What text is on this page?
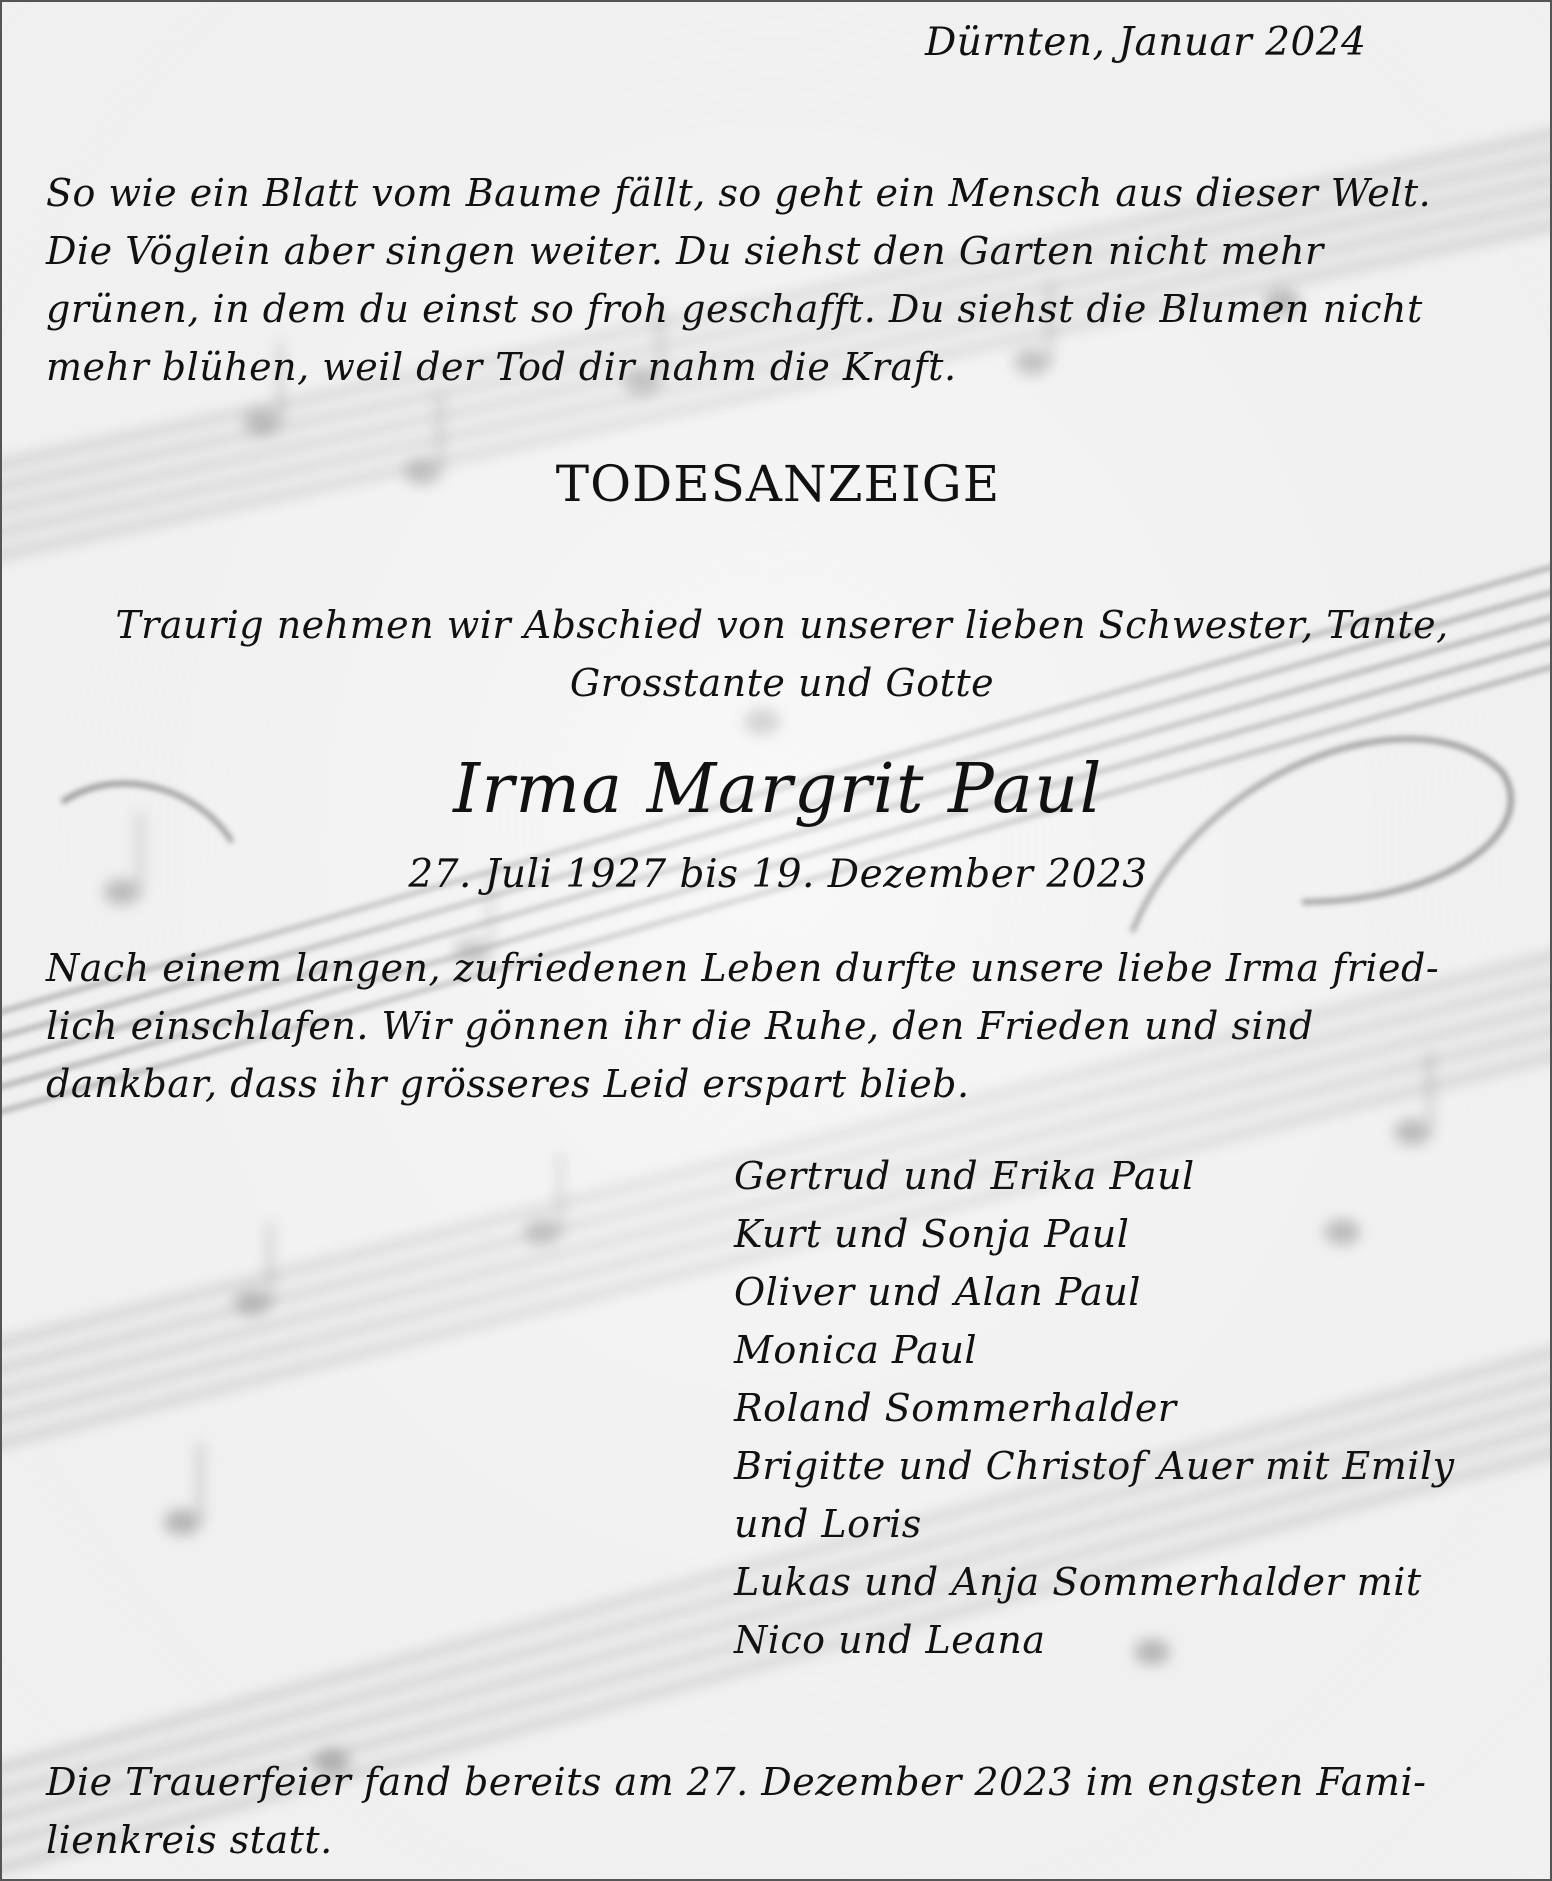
Dürnten, Januar 2024
So wie ein Blatt vom Baume fällt, so geht ein Mensch aus dieser Welt.
Die Vöglein aber singen weiter. Du siehst den Garten nicht mehr
grünen, in dem du einst so froh geschafft. Du siehst die Blumen nicht
mehr blühen, weil der Tod dir nahm die Kraft.
TODESANZEIGE
Traurig nehmen wir Abschied von unserer lieben Schwester, Tante,
Grosstante und Gotte
Irma Margrit Paul
27. Juli 1927 bis 19. Dezember 2023
Nach einem langen, zufriedenen Leben durfte unsere liebe Irma fried-
lich einschlafen. Wir gönnen ihr die Ruhe, den Frieden und sind
dankbar, dass ihr grösseres Leid erspart blieb.
Gertrud und Erika Paul
Kurt und Sonja Paul
Oliver und Alan Paul
Monica Paul
Roland Sommerhalder
Brigitte und Christof Auer mit Emily
und Loris
Lukas und Anja Sommerhalder mit
Nico und Leana
Die Trauerfeier fand bereits am 27. Dezember 2023 im engsten Fami-
lienkreis statt.
